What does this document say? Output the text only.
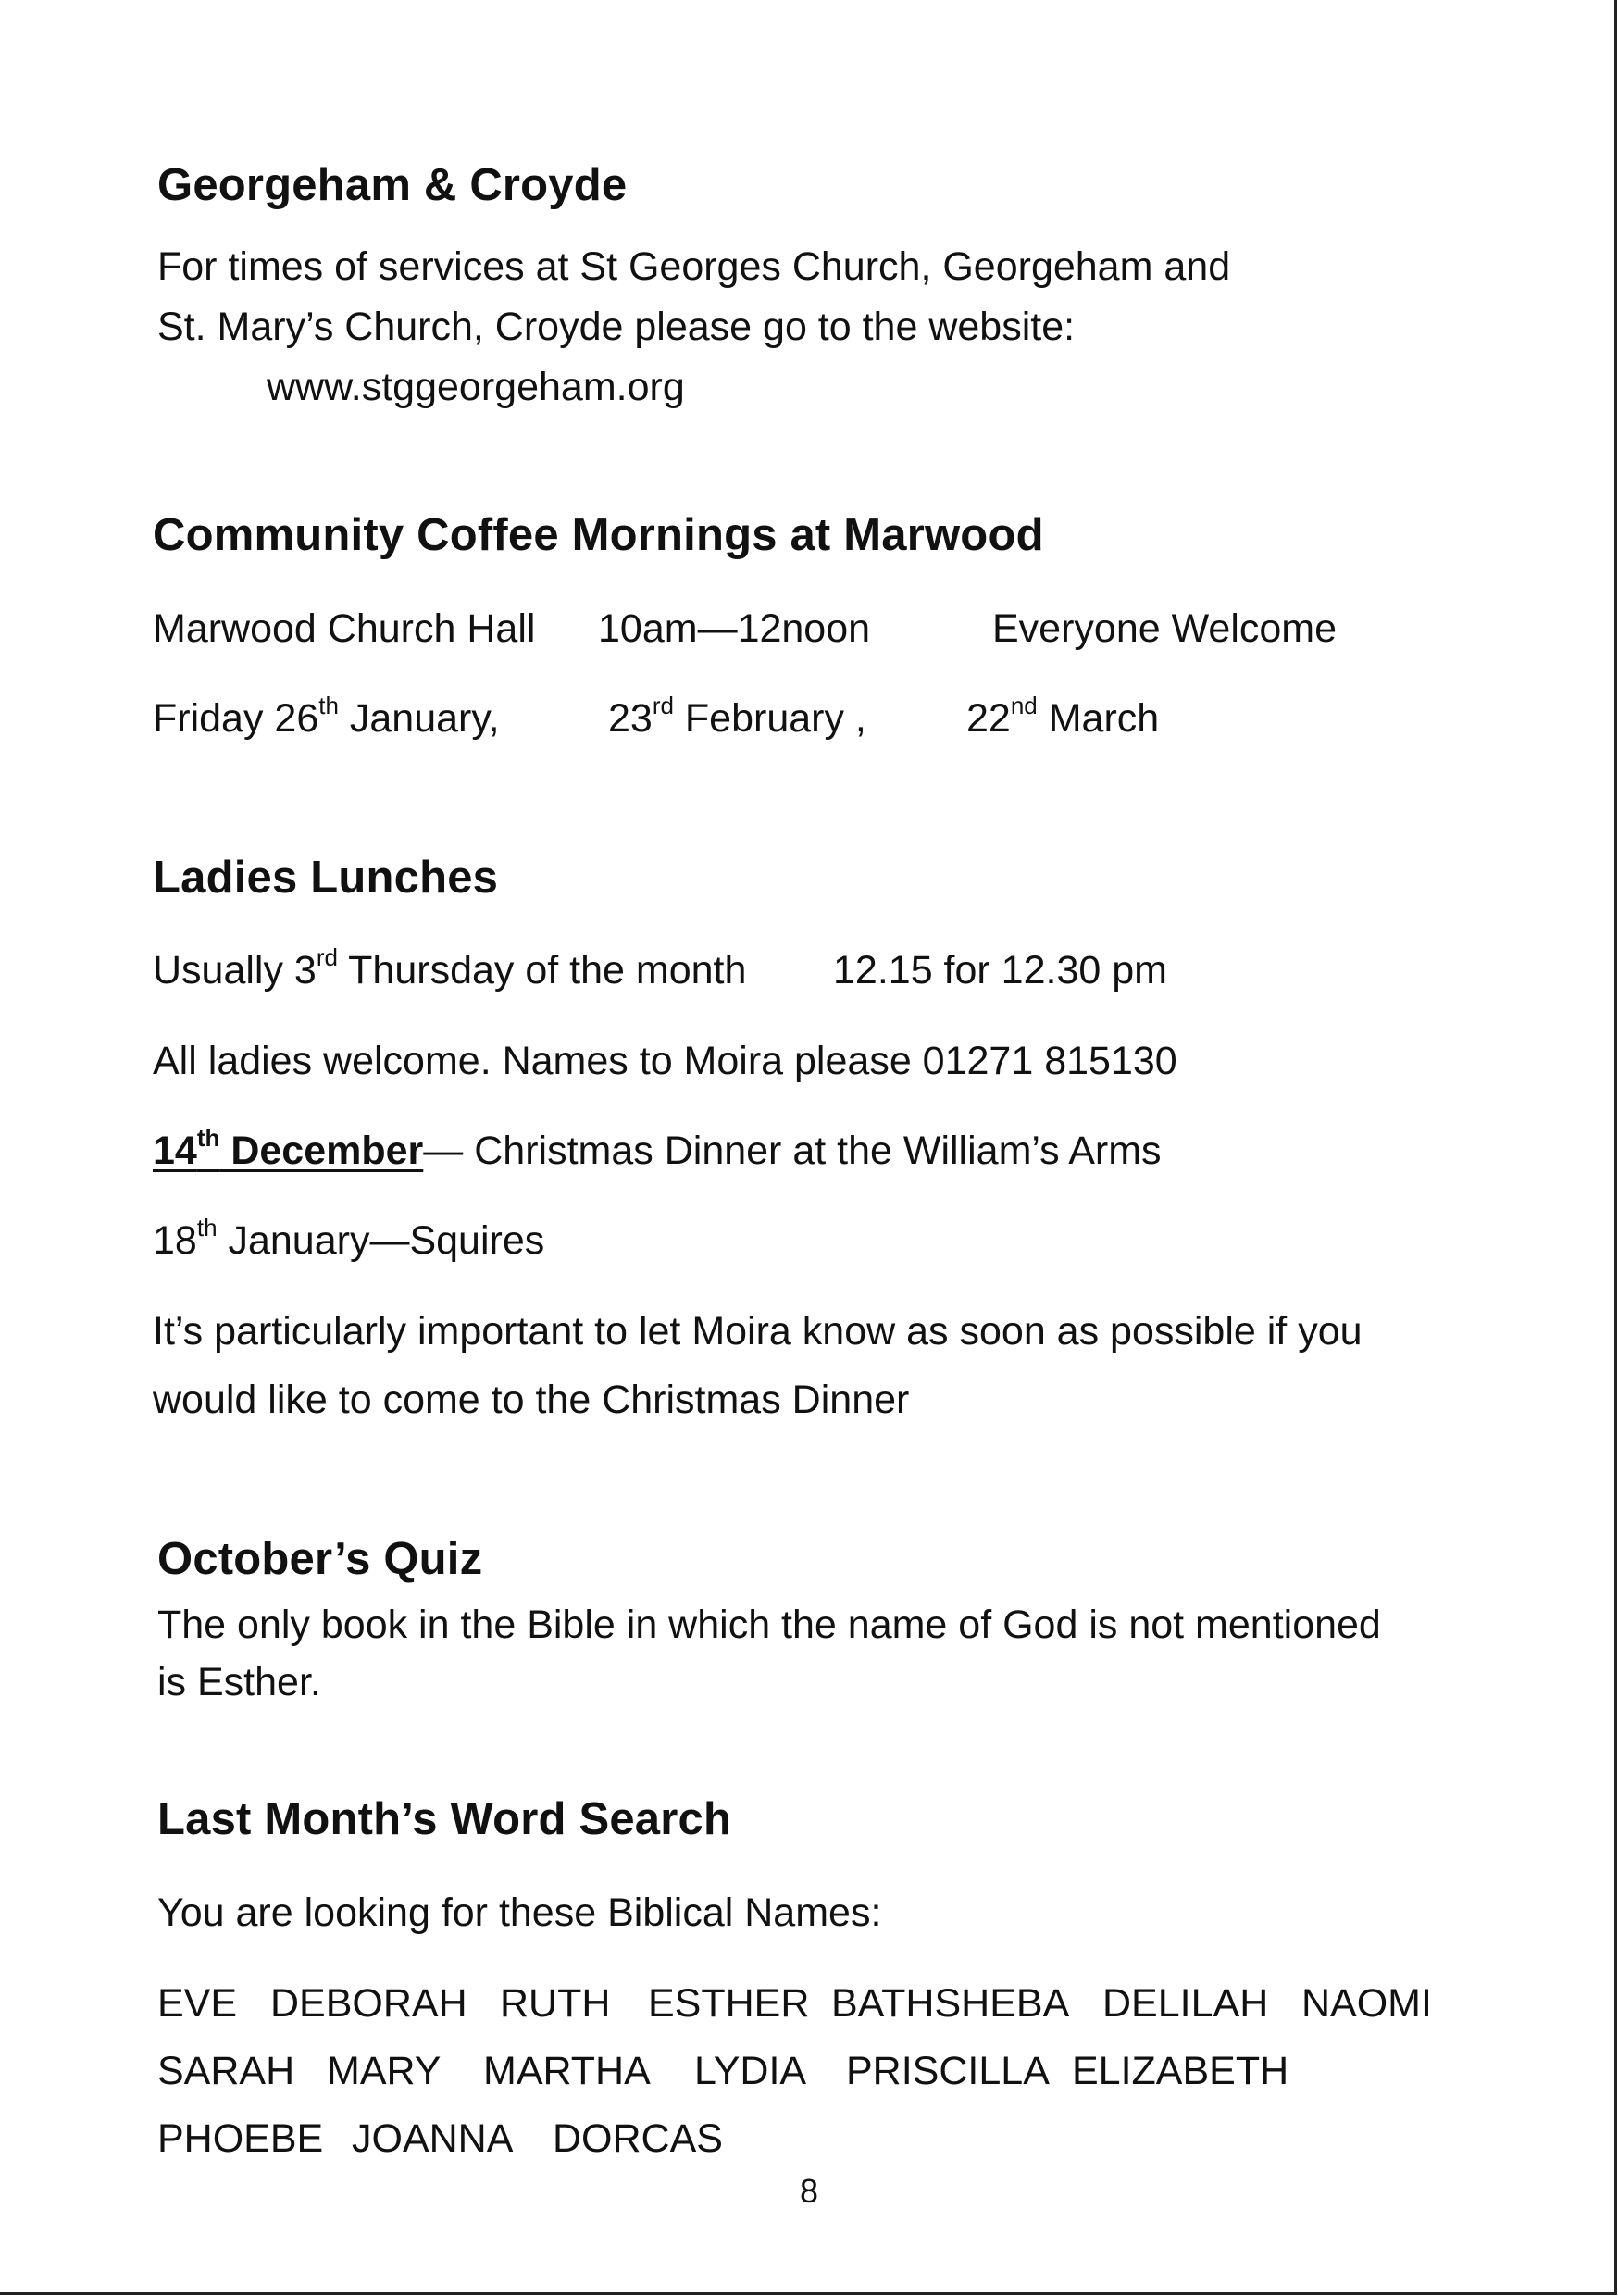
Georgeham & Croyde
For times of services at St Georges Church, Georgeham and
St. Mary’s Church, Croyde please go to the website:
www.stggeorgeham.org
Community Coffee Mornings at Marwood
Marwood Church Hall 10am—12noon	Everyone Welcome
Friday 26th January,	23rd February ,	22nd March
Ladies Lunches
Usually 3rd Thursday of the month 12.15 for 12.30 pm
All ladies welcome. Names to Moira please 01271 815130
14th December— Christmas Dinner at the William’s Arms
18th January—Squires
It’s particularly important to let Moira know as soon as possible if you
would like to come to the Christmas Dinner
October’s Quiz
The only book in the Bible in which the name of God is not mentioned
is Esther.
Last Month’s Word Search
You are looking for these Biblical Names:
EVE DEBORAH RUTH ESTHER BATHSHEBA DELILAH NAOMI
SARAH MARY MARTHA LYDIA PRISCILLA ELIZABETH
PHOEBE JOANNA DORCAS
8
